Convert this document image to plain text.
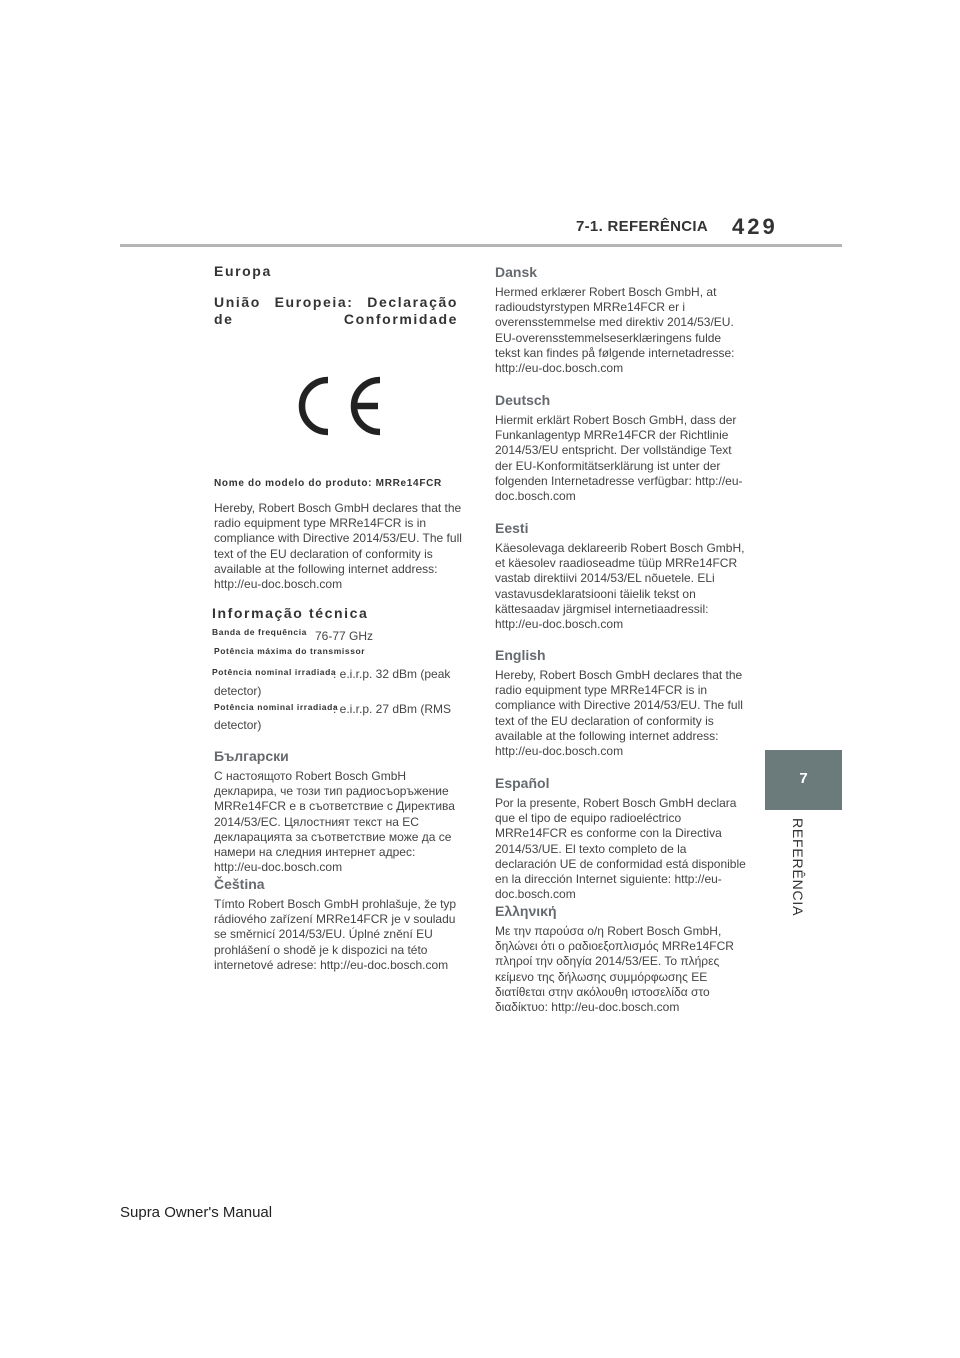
7-1. REFERÊNCIA 429
7
REFERÊNCIA
Europa
União Europeia: Declaração de Conformidade
Nome do modelo do produto: MRRe14FCR
Hereby, Robert Bosch GmbH declares that the radio equipment type MRRe14FCR is in compliance with Directive 2014/53/EU. The full text of the EU declaration of conformity is available at the following internet address: http://eu-doc.bosch.com
Informação técnica
Banda de frequência 76-77 GHz
Potência máxima do transmissor
Potência nominal irradiada
: e.i.r.p. 32 dBm (peak
detector)
Potência nominal irradiada
: e.i.r.p. 27 dBm (RMS
detector)
Български
С настоящото Robert Bosch GmbH декларира, че този тип радиосъоръжение MRRe14FCR е в съответствие с Директива 2014/53/ЕС. Цялостният текст на ЕС декларацията за съответствие може да се намери на следния интернет адрес: http://eu-doc.bosch.com
Čeština
Tímto Robert Bosch GmbH prohlašuje, že typ rádiového zařízení MRRe14FCR je v souladu se směrnicí 2014/53/EU. Úplné znění EU prohlášení o shodě je k dispozici na této internetové adrese: http://eu-doc.bosch.com
Dansk
Hermed erklærer Robert Bosch GmbH, at radioudstyrstypen MRRe14FCR er i overensstemmelse med direktiv 2014/53/EU. EU-overensstemmelseserklæringens fulde tekst kan findes på følgende internetadresse: http://eu-doc.bosch.com
Deutsch
Hiermit erklärt Robert Bosch GmbH, dass der Funkanlagentyp MRRe14FCR der Richtlinie 2014/53/EU entspricht. Der vollständige Text der EU-Konformitätserklärung ist unter der folgenden Internetadresse verfügbar: http://eu-doc.bosch.com
Eesti
Käesolevaga deklareerib Robert Bosch GmbH, et käesolev raadioseadme tüüp MRRe14FCR vastab direktiivi 2014/53/EL nõuetele. ELi vastavusdeklaratsiooni täielik tekst on kättesaadav järgmisel internetiaadressil: http://eu-doc.bosch.com
English
Hereby, Robert Bosch GmbH declares that the radio equipment type MRRe14FCR is in compliance with Directive 2014/53/EU. The full text of the EU declaration of conformity is available at the following internet address: http://eu-doc.bosch.com
Español
Por la presente, Robert Bosch GmbH declara que el tipo de equipo radioeléctrico MRRe14FCR es conforme con la Directiva 2014/53/UE. El texto completo de la declaración UE de conformidad está disponible en la dirección Internet siguiente: http://eu-doc.bosch.com
Ελληνική
Με την παρούσα ο/η Robert Bosch GmbH, δηλώνει ότι ο ραδιοεξοπλισμός MRRe14FCR πληροί την οδηγία 2014/53/ΕΕ. Το πλήρες κείμενο της δήλωσης συμμόρφωσης ΕΕ διατίθεται στην ακόλουθη ιστοσελίδα στο διαδίκτυο: http://eu-doc.bosch.com
Supra Owner's Manual
